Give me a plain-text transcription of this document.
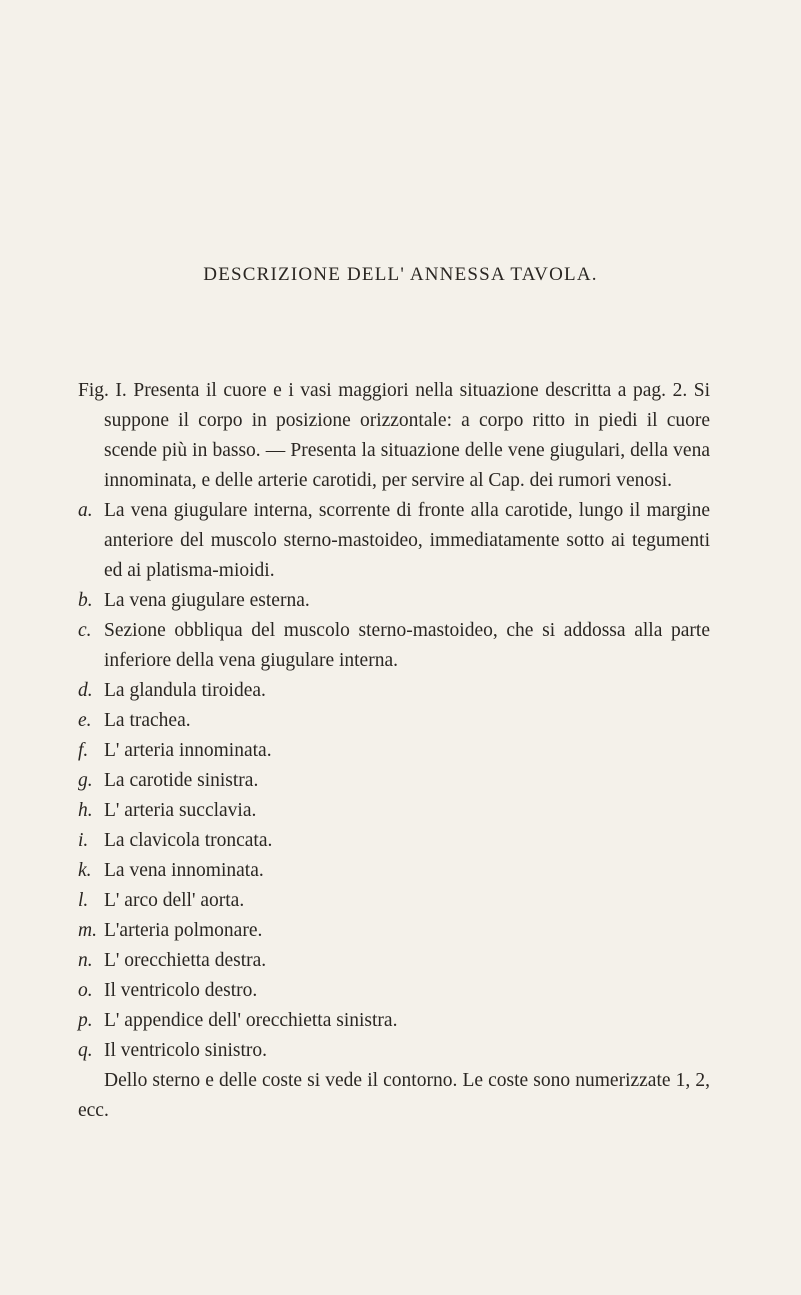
DESCRIZIONE DELL' ANNESSA TAVOLA.

Fig. I. Presenta il cuore e i vasi maggiori nella situazione descritta a pag. 2. Si suppone il corpo in posizione orizzontale: a corpo ritto in piedi il cuore scende più in basso. — Presenta la situazione delle vene giugulari, della vena innominata, e delle arterie carotidi, per servire al Cap. dei rumori venosi.

a. La vena giugulare interna, scorrente di fronte alla carotide, lungo il margine anteriore del muscolo sterno-mastoideo, immediatamente sotto ai tegumenti ed ai platisma-mioidi.

b. La vena giugulare esterna.

c. Sezione obbliqua del muscolo sterno-mastoideo, che si addossa alla parte inferiore della vena giugulare interna.

d. La glandula tiroidea.

e. La trachea.

f. L' arteria innominata.

g. La carotide sinistra.

h. L' arteria succlavia.

i. La clavicola troncata.

k. La vena innominata.

l. L' arco dell' aorta.

m. L'arteria polmonare.

n. L' orecchietta destra.

o. Il ventricolo destro.

p. L' appendice dell' orecchietta sinistra.

q. Il ventricolo sinistro.

Dello sterno e delle coste si vede il contorno. Le coste sono numerizzate 1, 2, ecc.
